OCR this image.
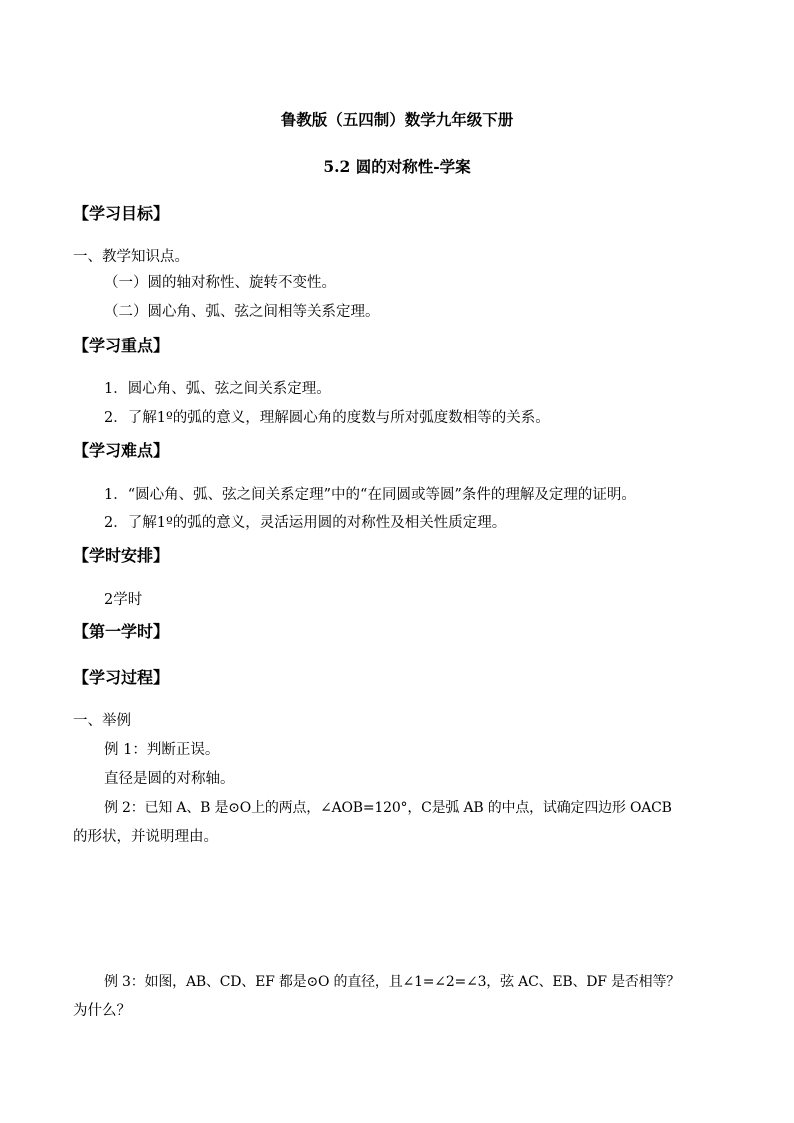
鲁教版（五四制）数学九年级下册
5.2 圆的对称性-学案
【学习目标】
一、教学知识点。
（一）圆的轴对称性、旋转不变性。
（二）圆心角、弧、弦之间相等关系定理。
【学习重点】
1．圆心角、弧、弦之间关系定理。
2．了解1º的弧的意义，理解圆心角的度数与所对弧度数相等的关系。
【学习难点】
1．“圆心角、弧、弦之间关系定理”中的“在同圆或等圆”条件的理解及定理的证明。
2．了解1º的弧的意义，灵活运用圆的对称性及相关性质定理。
【学时安排】
2学时
【第一学时】
【学习过程】
一、举例
例 1：判断正误。
直径是圆的对称轴。
例 2：已知 A、B 是⊙O上的两点，∠AOB=120°，C是弧 AB 的中点，试确定四边形 OACB
的形状，并说明理由。
例 3：如图，AB、CD、EF 都是⊙O 的直径，且∠1=∠2=∠3，弦 AC、EB、DF 是否相等？
为什么？
